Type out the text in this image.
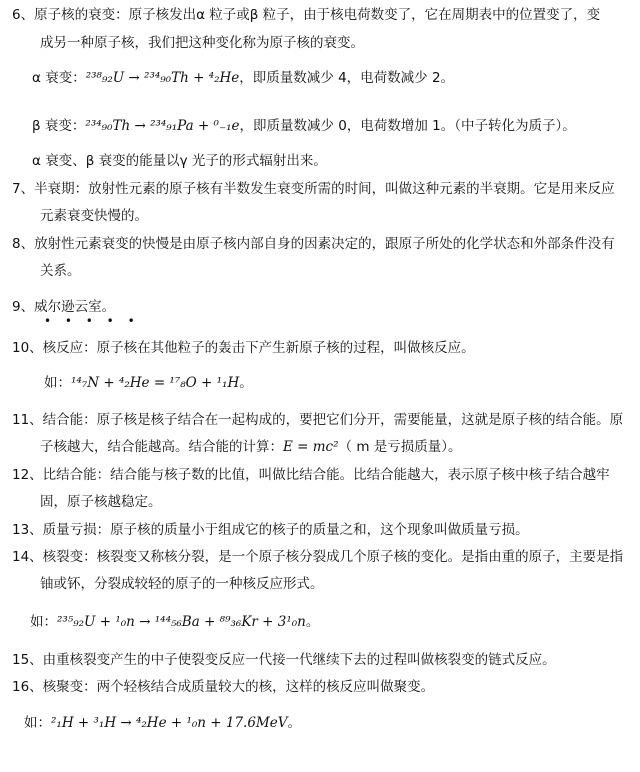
6、原子核的衰变：原子核发出α 粒子或β 粒子，由于核电荷数变了，它在周期表中的位置变了，变
成另一种原子核，我们把这种变化称为原子核的衰变。
α 衰变：²³⁸₉₂U → ²³⁴₉₀Th + ⁴₂He，即质量数减少 4，电荷数减少 2。
β 衰变：²³⁴₉₀Th → ²³⁴₉₁Pa + ⁰₋₁e，即质量数减少 0，电荷数增加 1。（中子转化为质子）。
α 衰变、β 衰变的能量以γ 光子的形式辐射出来。
7、半衰期：放射性元素的原子核有半数发生衰变所需的时间，叫做这种元素的半衰期。它是用来反应
元素衰变快慢的。
8、放射性元素衰变的快慢是由原子核内部自身的因素决定的，跟原子所处的化学状态和外部条件没有
关系。
9、威尔逊云室。
• • • • •
10、核反应：原子核在其他粒子的轰击下产生新原子核的过程，叫做核反应。
如：¹⁴₇N + ⁴₂He = ¹⁷₈O + ¹₁H。
11、结合能：原子核是核子结合在一起构成的，要把它们分开，需要能量，这就是原子核的结合能。原
子核越大，结合能越高。结合能的计算：E = mc²（ m 是亏损质量）。
12、比结合能：结合能与核子数的比值，叫做比结合能。比结合能越大，表示原子核中核子结合越牢
固，原子核越稳定。
13、质量亏损：原子核的质量小于组成它的核子的质量之和，这个现象叫做质量亏损。
14、核裂变：核裂变又称核分裂，是一个原子核分裂成几个原子核的变化。是指由重的原子，主要是指
铀或钚，分裂成较轻的原子的一种核反应形式。
如：²³⁵₉₂U + ¹₀n → ¹⁴⁴₅₆Ba + ⁸⁹₃₆Kr + 3¹₀n。
15、由重核裂变产生的中子使裂变反应一代接一代继续下去的过程叫做核裂变的链式反应。
16、核聚变：两个轻核结合成质量较大的核，这样的核反应叫做聚变。
如：²₁H + ³₁H → ⁴₂He + ¹₀n + 17.6MeV。
